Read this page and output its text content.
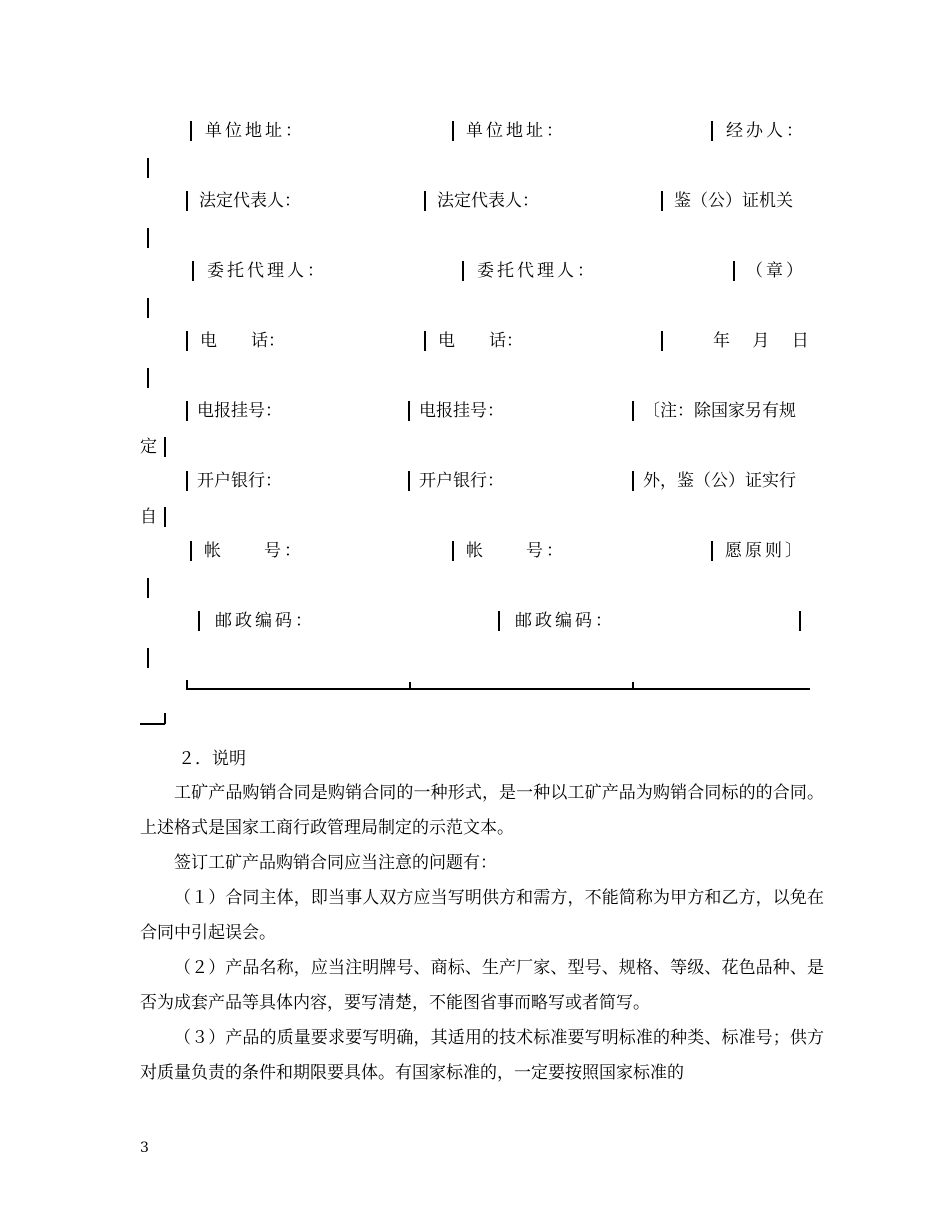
单位地址：	单位地址：	经办人：
法定代表人：	法定代表人：	鉴（公）证机关
委托代理人：	委托代理人：	（章）
电　　话：	电　　话：	年　 月　 日
电报挂号：	电报挂号：	〔注：除国家另有规
定
开户银行：	开户银行：	外，鉴（公）证实行
自
帐　　号：	帐　　号：	愿原则〕
邮政编码：	邮政编码：
２．说明
工矿产品购销合同是购销合同的一种形式，是一种以工矿产品为购销合同标的的合同。上述格式是国家工商行政管理局制定的示范文本。
签订工矿产品购销合同应当注意的问题有：
（１）合同主体，即当事人双方应当写明供方和需方，不能简称为甲方和乙方，以免在合同中引起误会。
（２）产品名称，应当注明牌号、商标、生产厂家、型号、规格、等级、花色品种、是否为成套产品等具体内容，要写清楚，不能图省事而略写或者简写。
（３）产品的质量要求要写明确，其适用的技术标准要写明标准的种类、标准号；供方对质量负责的条件和期限要具体。有国家标准的，一定要按照国家标准的
3
